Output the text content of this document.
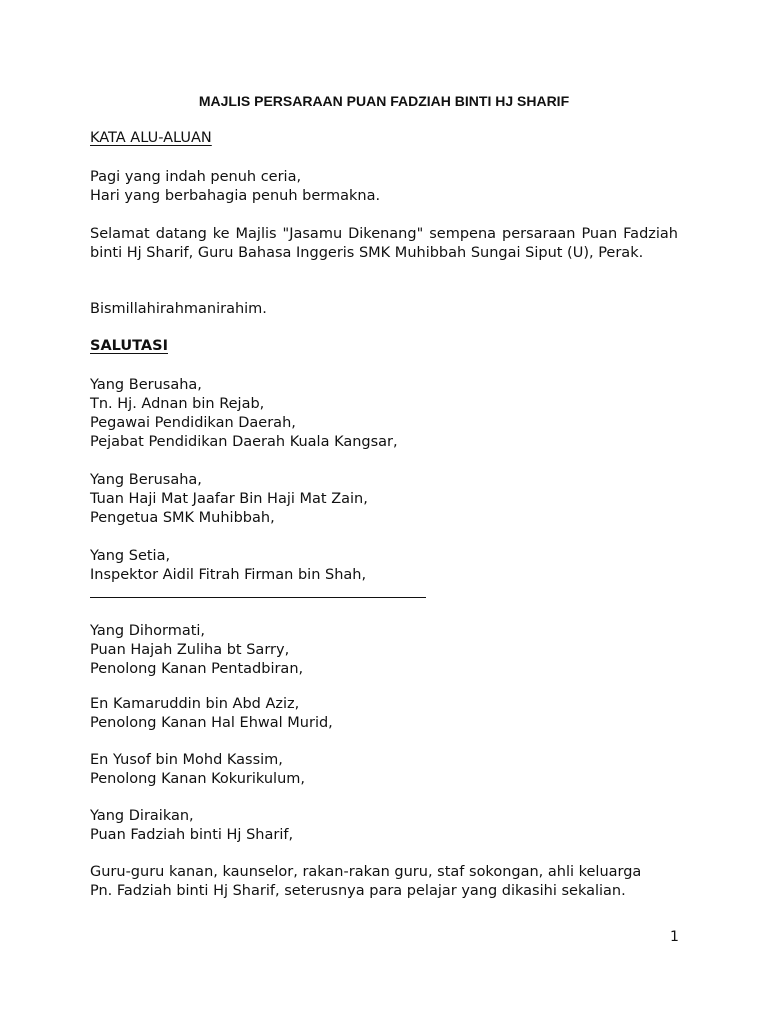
MAJLIS PERSARAAN PUAN FADZIAH BINTI HJ SHARIF
KATA ALU-ALUAN
Pagi yang indah penuh ceria,
Hari yang berbahagia penuh bermakna.
Selamat datang ke Majlis "Jasamu Dikenang" sempena persaraan Puan Fadziah binti Hj Sharif, Guru Bahasa Inggeris SMK Muhibbah Sungai Siput (U), Perak.
Bismillahirahmanirahim.
SALUTASI
Yang Berusaha,
Tn. Hj. Adnan bin Rejab,
Pegawai Pendidikan Daerah,
Pejabat Pendidikan Daerah Kuala Kangsar,
Yang Berusaha,
Tuan Haji Mat Jaafar Bin Haji Mat Zain,
Pengetua SMK Muhibbah,
Yang Setia,
Inspektor Aidil Fitrah Firman bin Shah,
Yang Dihormati,
Puan Hajah Zuliha bt Sarry,
Penolong Kanan Pentadbiran,
En Kamaruddin bin Abd Aziz,
Penolong Kanan Hal Ehwal Murid,
En Yusof bin Mohd Kassim,
Penolong Kanan Kokurikulum,
Yang Diraikan,
Puan Fadziah binti Hj Sharif,
Guru-guru kanan, kaunselor, rakan-rakan guru, staf sokongan, ahli keluarga
Pn. Fadziah binti Hj Sharif, seterusnya para pelajar yang dikasihi sekalian.
1
